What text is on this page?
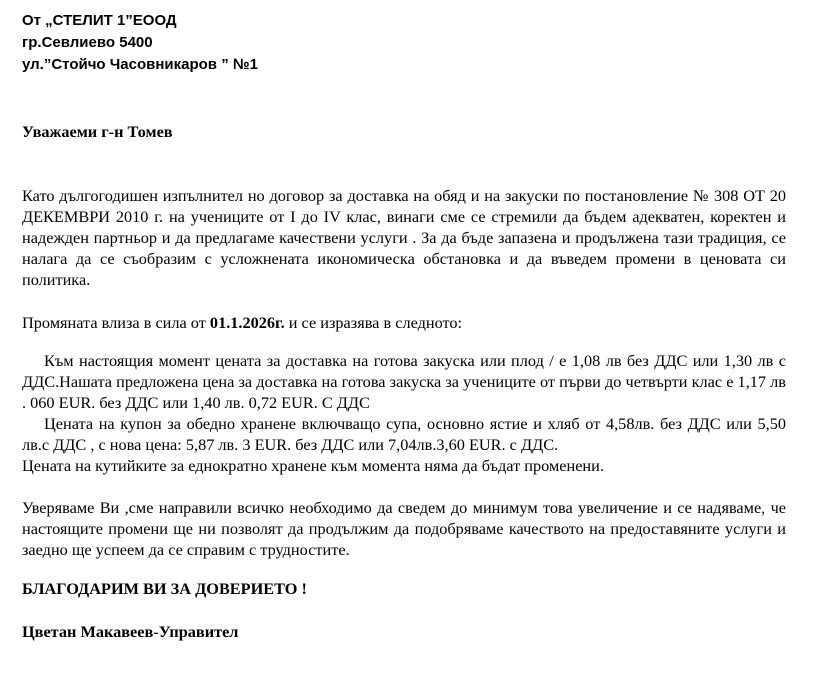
От „СТЕЛИТ 1”ЕООД
гр.Севлиево 5400
ул.”Стойчо Часовникаров ” №1
Уважаеми г-н Томев

Като дългогодишен изпълнител но договор за доставка на обяд и на закуски по постановление № 308 ОТ 20 ДЕКЕМВРИ 2010 г. на учениците от I до IV клас, винаги сме се стремили да бъдем адекватен, коректен и надежден партньор и да предлагаме качествени услуги . За да бъде запазена и продължена тази традиция, се налага да се съобразим с усложнената икономическа обстановка и да въведем промени в ценовата си политика.

Промяната влиза в сила от 01.1.2026г. и се изразява в следното:

Към настоящия момент цената за доставка на готова закуска или плод / е 1,08 лв без ДДС или 1,30 лв с ДДС.Нашата предложена цена за доставка на готова закуска за учениците от първи до четвърти клас е 1,17 лв . 060 EUR. без ДДС или 1,40 лв. 0,72 EUR. С ДДС

Цената на купон за обедно хранене включващо супа, основно ястие и хляб от 4,58лв. без ДДС или 5,50 лв.с ДДС , с нова цена: 5,87 лв. 3 EUR. без ДДС или 7,04лв.3,60 EUR. с ДДС.

Цената на кутийките за еднократно хранене към момента няма да бъдат променени.

Уверяваме Ви ,сме направили всичко необходимо да сведем до минимум това увеличение и се надяваме, че настоящите промени ще ни позволят да продължим да подобряваме качеството на предоставяните услуги и заедно ще успеем да се справим с трудностите.

БЛАГОДАРИМ ВИ ЗА ДОВЕРИЕТО !
Цветан Макавеев-Управител
